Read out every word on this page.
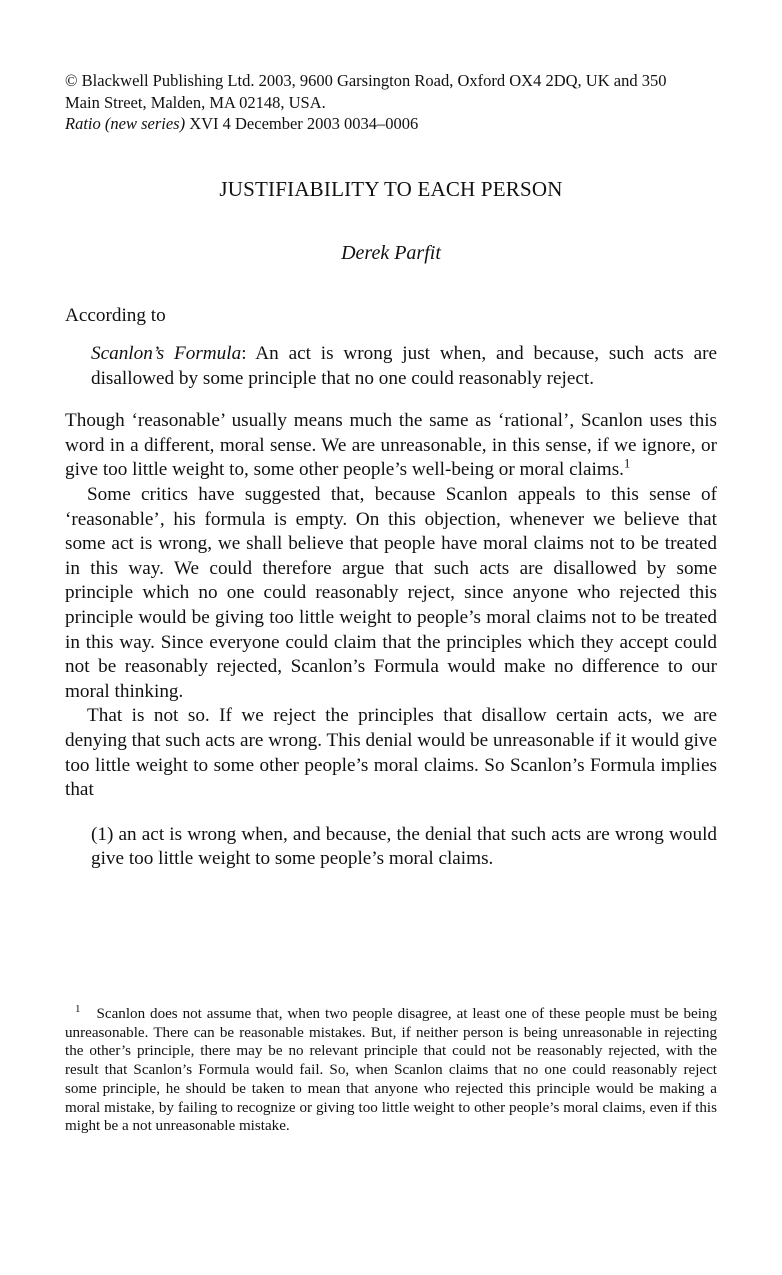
© Blackwell Publishing Ltd. 2003, 9600 Garsington Road, Oxford OX4 2DQ, UK and 350
Main Street, Malden, MA 02148, USA.
Ratio (new series) XVI 4 December 2003 0034–0006
JUSTIFIABILITY TO EACH PERSON
Derek Parfit

According to

Scanlon’s Formula: An act is wrong just when, and because, such acts are disallowed by some principle that no one could reasonably reject.

Though ‘reasonable’ usually means much the same as ‘rational’, Scanlon uses this word in a different, moral sense. We are unreasonable, in this sense, if we ignore, or give too little weight to, some other people’s well-being or moral claims.$^1$

Some critics have suggested that, because Scanlon appeals to this sense of ‘reasonable’, his formula is empty. On this objection, whenever we believe that some act is wrong, we shall believe that people have moral claims not to be treated in this way. We could therefore argue that such acts are disallowed by some principle which no one could reasonably reject, since anyone who rejected this principle would be giving too little weight to people’s moral claims not to be treated in this way. Since everyone could claim that the principles which they accept could not be reasonably rejected, Scanlon’s Formula would make no difference to our moral thinking.

That is not so. If we reject the principles that disallow certain acts, we are denying that such acts are wrong. This denial would be unreasonable if it would give too little weight to some other people’s moral claims. So Scanlon’s Formula implies that

(1) an act is wrong when, and because, the denial that such acts are wrong would give too little weight to some people’s moral claims.

$^1$ Scanlon does not assume that, when two people disagree, at least one of these people must be being unreasonable. There can be reasonable mistakes. But, if neither person is being unreasonable in rejecting the other’s principle, there may be no relevant principle that could not be reasonably rejected, with the result that Scanlon’s Formula would fail. So, when Scanlon claims that no one could reasonably reject some principle, he should be taken to mean that anyone who rejected this principle would be making a moral mistake, by failing to recognize or giving too little weight to other people’s moral claims, even if this might be a not unreasonable mistake.
